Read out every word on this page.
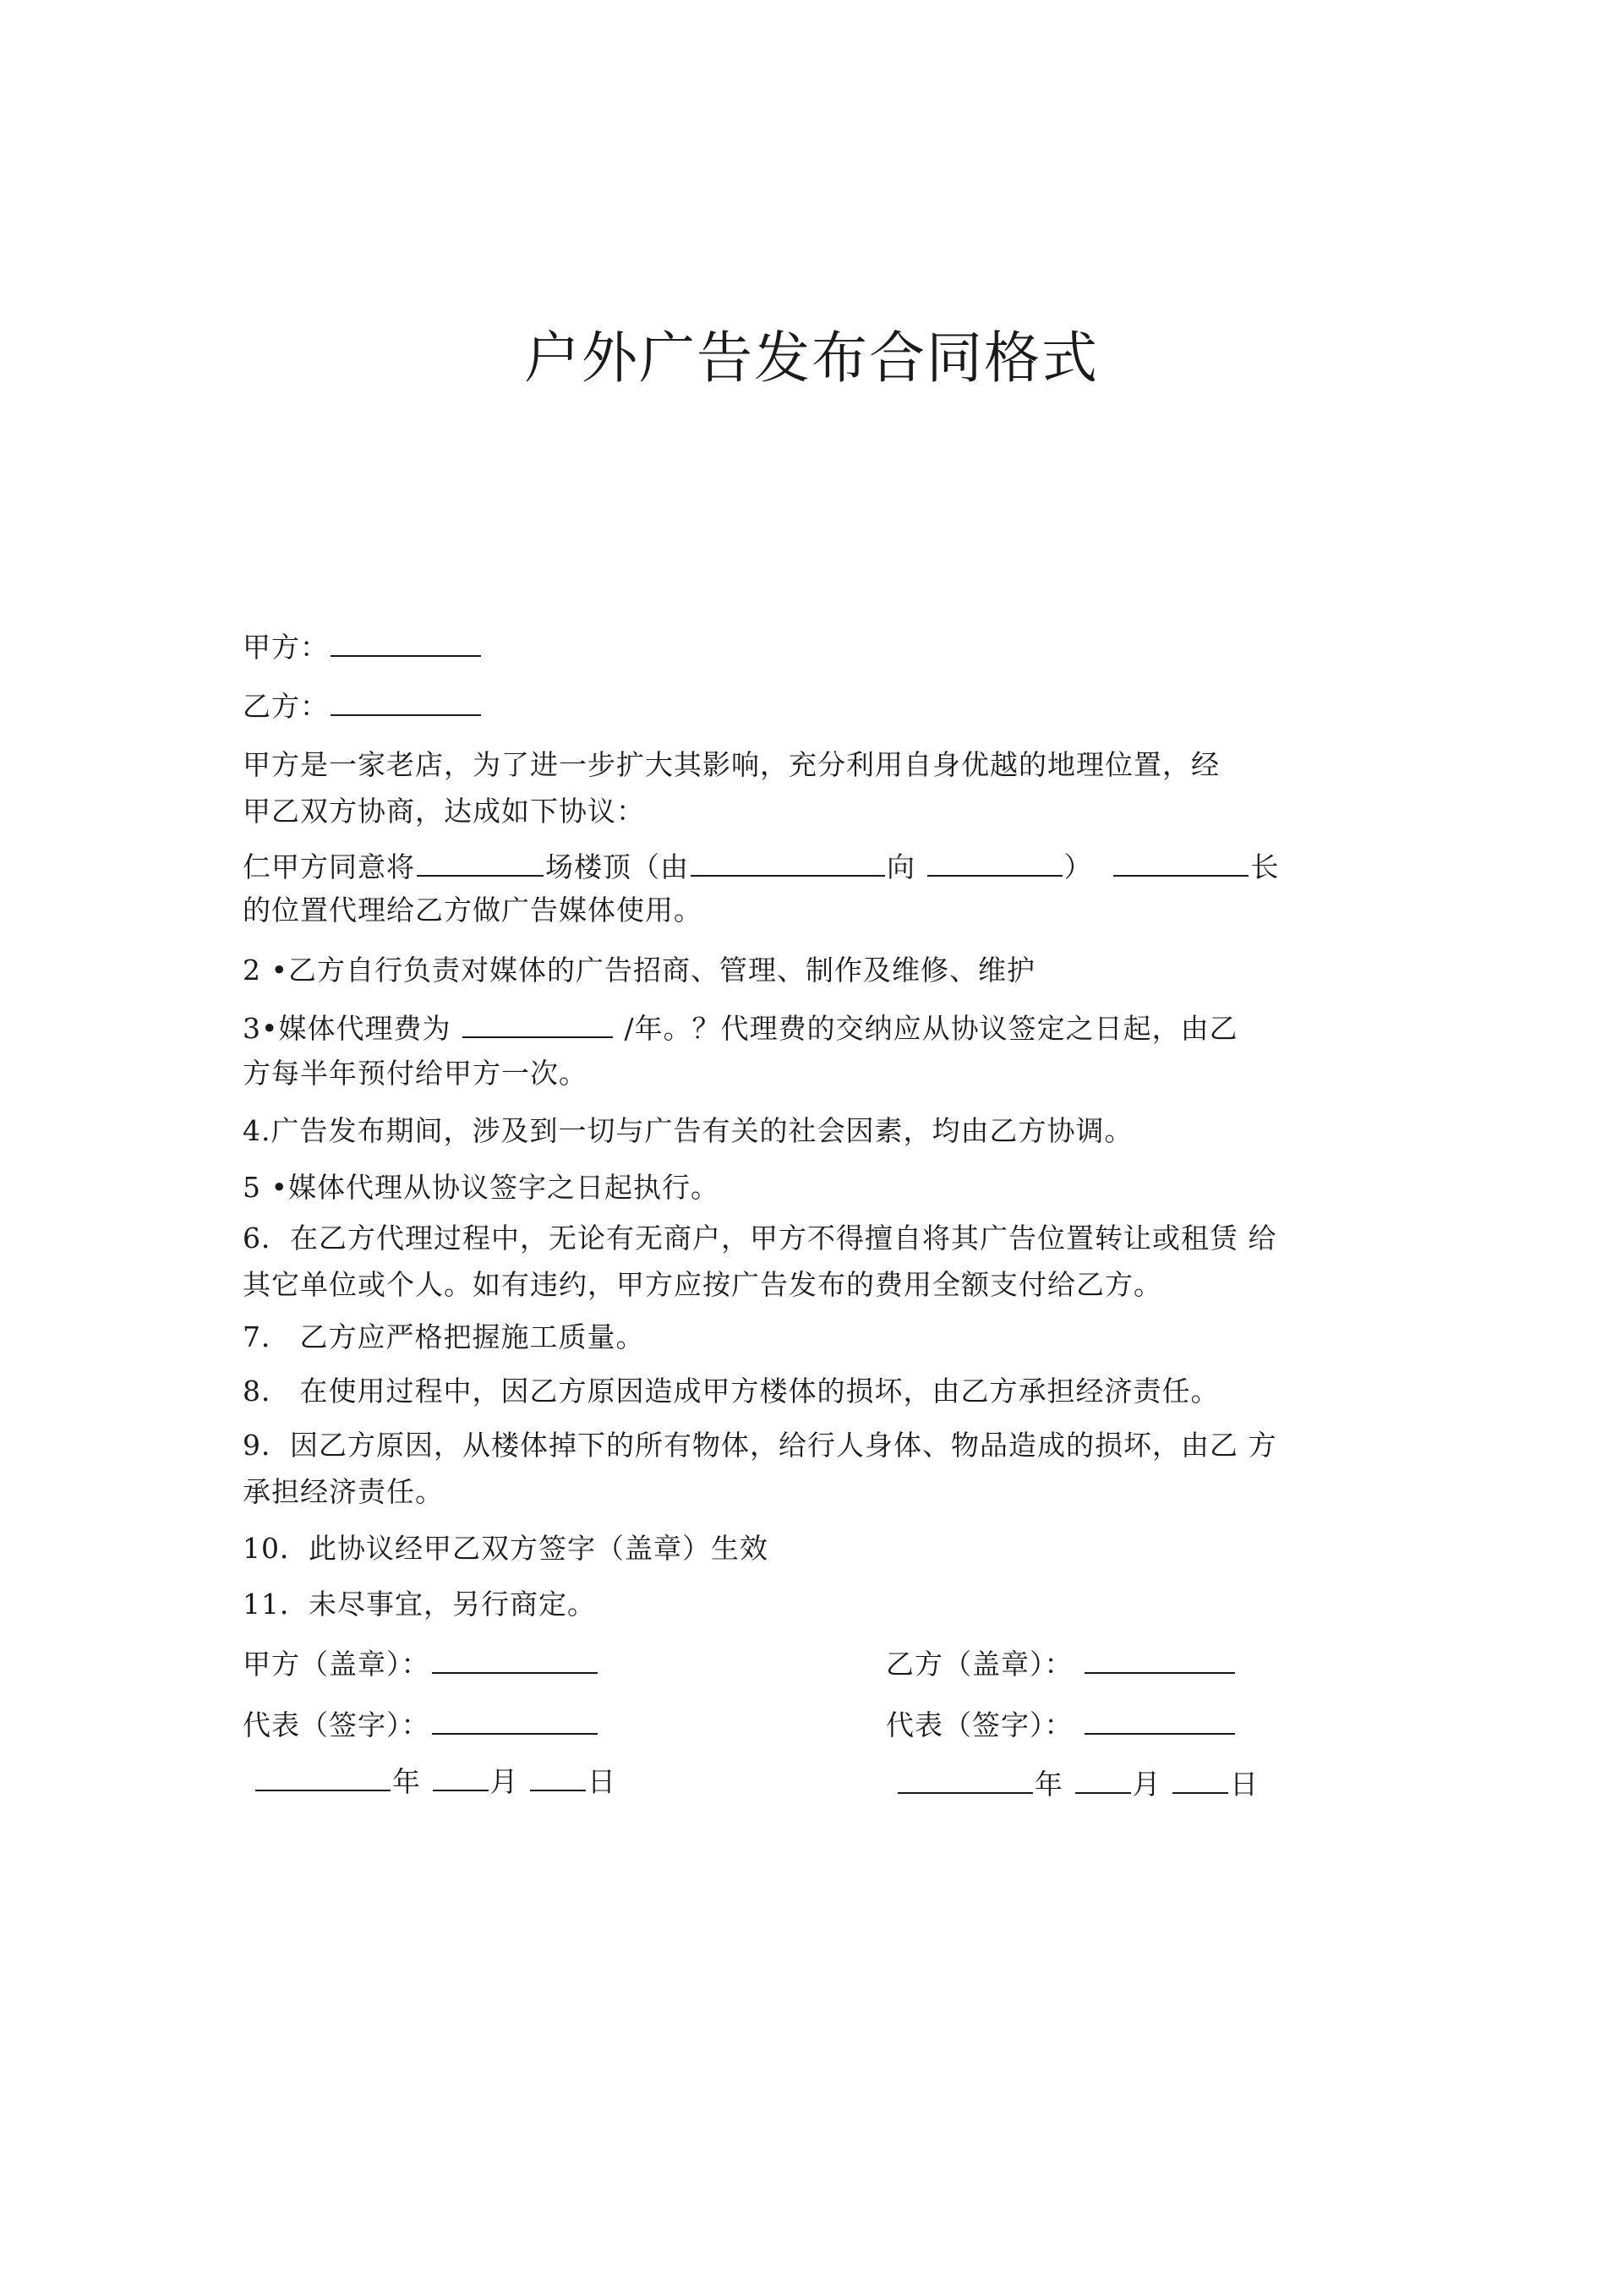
户外广告发布合同格式
甲方：
乙方：
甲方是一家老店，为了进一步扩大其影响，充分利用自身优越的地理位置，经
甲乙双方协商，达成如下协议：
仁甲方同意将	场楼顶（由	向	）	长
的位置代理给乙方做广告媒体使用。
2 •乙方自行负责对媒体的广告招商、管理、制作及维修、维护
3•媒体代理费为	/年。？代理费的交纳应从协议签定之日起，由乙
方每半年预付给甲方一次。
4.广告发布期间，涉及到一切与广告有关的社会因素，均由乙方协调。
5 •媒体代理从协议签字之日起执行。
6．在乙方代理过程中，无论有无商户，甲方不得擅自将其广告位置转让或租赁 给
其它单位或个人。如有违约，甲方应按广告发布的费用全额支付给乙方。
7． 乙方应严格把握施工质量。
8． 在使用过程中，因乙方原因造成甲方楼体的损坏，由乙方承担经济责任。
9．因乙方原因，从楼体掉下的所有物体，给行人身体、物品造成的损坏，由乙 方
承担经济责任。
10．此协议经甲乙双方签字（盖章）生效
11．未尽事宜，另行商定。
甲方（盖章）：	乙方（盖章）：
代表（签字）：	代表（签字）：
年 月 日	年 月 日
